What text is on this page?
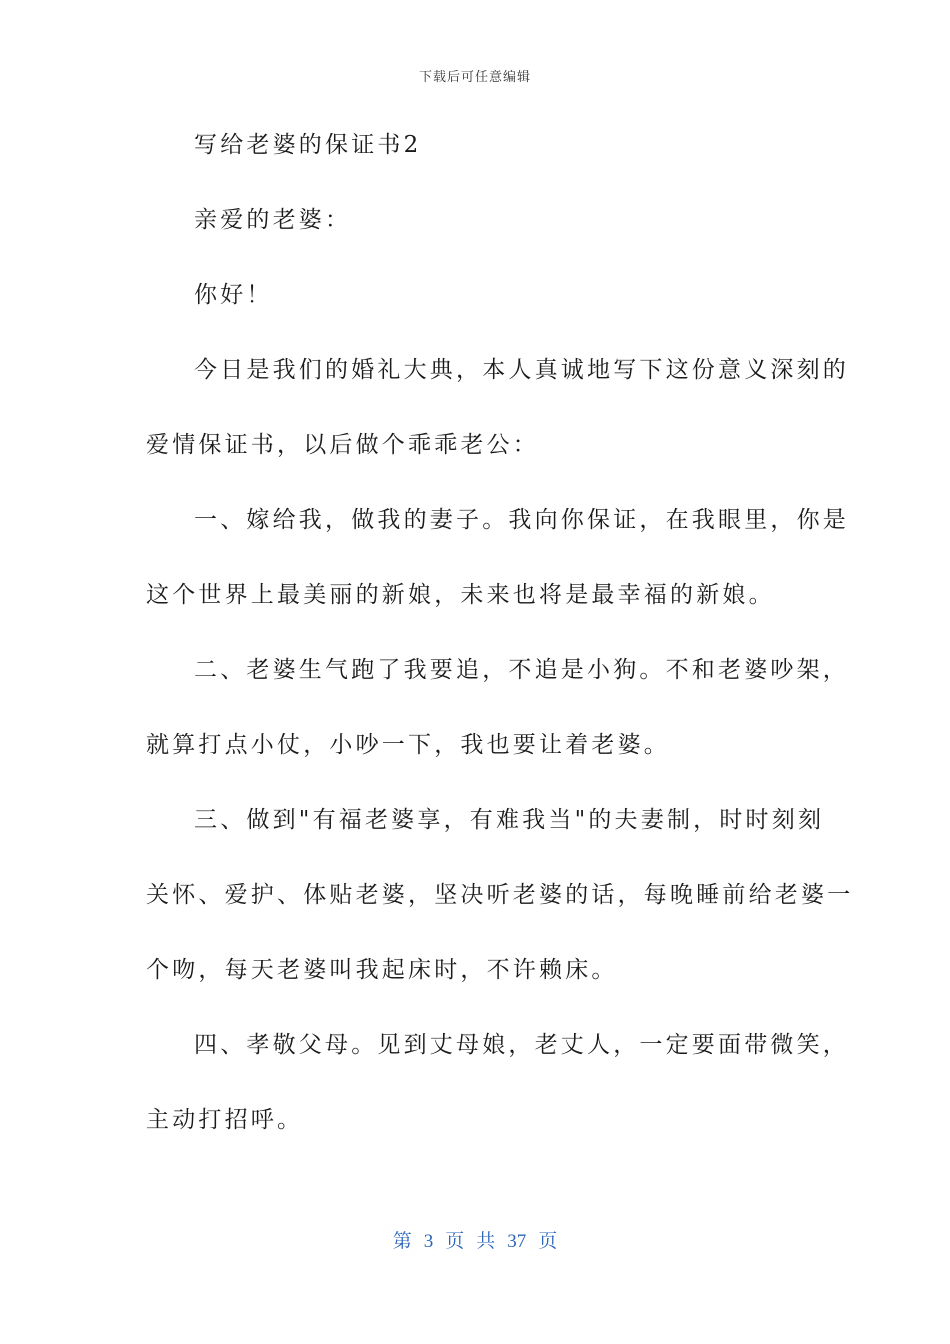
下载后可任意编辑
写给老婆的保证书2
亲爱的老婆：
你好！
今日是我们的婚礼大典，本人真诚地写下这份意义深刻的
爱情保证书，以后做个乖乖老公：
一、嫁给我，做我的妻子。我向你保证，在我眼里，你是
这个世界上最美丽的新娘，未来也将是最幸福的新娘。
二、老婆生气跑了我要追，不追是小狗。不和老婆吵架，
就算打点小仗，小吵一下，我也要让着老婆。
三、做到"有福老婆享，有难我当"的夫妻制，时时刻刻
关怀、爱护、体贴老婆，坚决听老婆的话，每晚睡前给老婆一
个吻，每天老婆叫我起床时，不许赖床。
四、孝敬父母。见到丈母娘，老丈人，一定要面带微笑，
主动打招呼。
第 3 页 共 37 页
